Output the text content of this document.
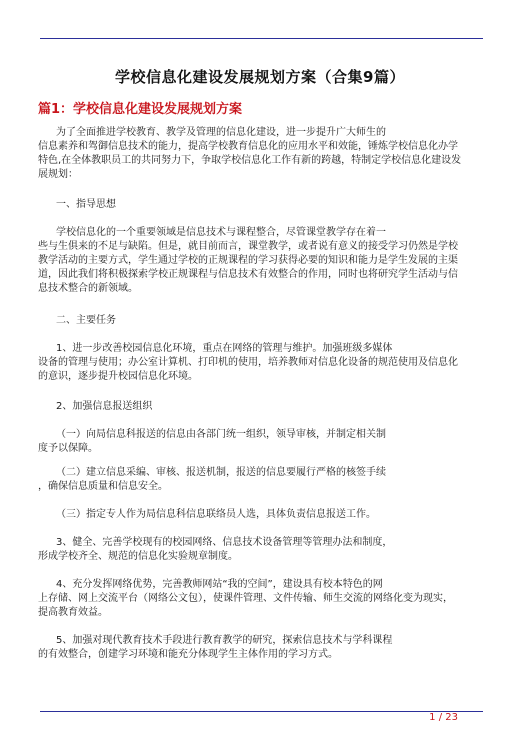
学校信息化建设发展规划方案（合集9篇）
篇1：学校信息化建设发展规划方案
为了全面推进学校教育、教学及管理的信息化建设，进一步提升广大师生的
信息素养和驾御信息技术的能力，提高学校教育信息化的应用水平和效能，锤炼学校信息化办学
特色,在全体教职员工的共同努力下，争取学校信息化工作有新的跨越，特制定学校信息化建设发
展规划：
一、指导思想
学校信息化的一个重要领域是信息技术与课程整合，尽管课堂教学存在着一
些与生俱来的不足与缺陷。但是，就目前而言，课堂教学，或者说有意义的接受学习仍然是学校
教学活动的主要方式，学生通过学校的正规课程的学习获得必要的知识和能力是学生发展的主渠
道，因此我们将积极探索学校正规课程与信息技术有效整合的作用，同时也将研究学生活动与信
息技术整合的新领域。
二、主要任务
1、进一步改善校园信息化环境，重点在网络的管理与维护。加强班级多媒体
设备的管理与使用；办公室计算机、打印机的使用，培养教师对信息化设备的规范使用及信息化
的意识，逐步提升校园信息化环境。
2、加强信息报送组织
（一）向局信息科报送的信息由各部门统一组织，领导审核，并制定相关制
度予以保障。
（二）建立信息采编、审核、报送机制，报送的信息要履行严格的核签手续
，确保信息质量和信息安全。
（三）指定专人作为局信息科信息联络员人选，具体负责信息报送工作。
3、健全、完善学校现有的校园网络、信息技术设备管理等管理办法和制度，
形成学校齐全、规范的信息化实验规章制度。
4、充分发挥网络优势，完善教师网站“我的空间”，建设具有校本特色的网
上存储、网上交流平台（网络公文包），使课件管理、文件传输、师生交流的网络化变为现实，
提高教育效益。
5、加强对现代教育技术手段进行教育教学的研究，探索信息技术与学科课程
的有效整合，创建学习环境和能充分体现学生主体作用的学习方式。
1 / 23
